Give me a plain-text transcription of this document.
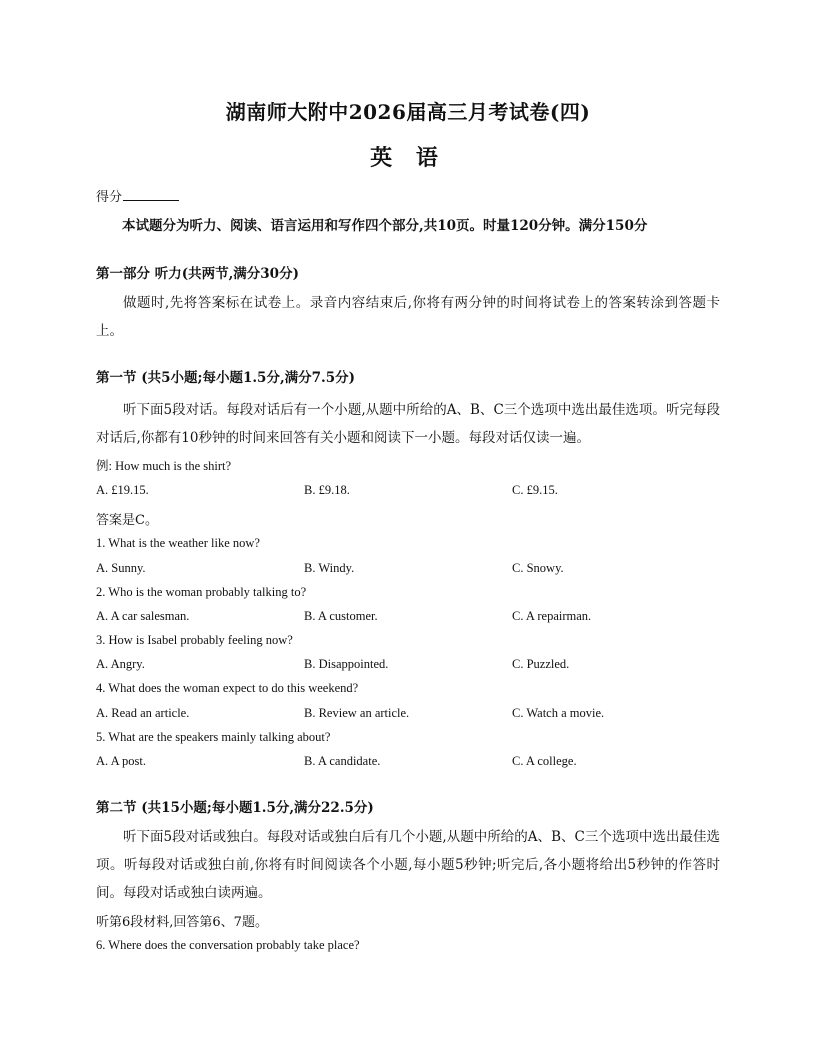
湖南师大附中2026届高三月考试卷(四)
英 语
得分
本试题分为听力、阅读、语言运用和写作四个部分,共10页。时量120分钟。满分150分
第一部分 听力(共两节,满分30分)
做题时,先将答案标在试卷上。录音内容结束后,你将有两分钟的时间将试卷上的答案转涂到答题卡上。
第一节 (共5小题;每小题1.5分,满分7.5分)
听下面5段对话。每段对话后有一个小题,从题中所给的A、B、C三个选项中选出最佳选项。听完每段对话后,你都有10秒钟的时间来回答有关小题和阅读下一小题。每段对话仅读一遍。
例: How much is the shirt?
A. £19.15.	B. £9.18.	C. £9.15.
答案是C。
1. What is the weather like now?
A. Sunny.	B. Windy.	C. Snowy.
2. Who is the woman probably talking to?
A. A car salesman.	B. A customer.	C. A repairman.
3. How is Isabel probably feeling now?
A. Angry.	B. Disappointed.	C. Puzzled.
4. What does the woman expect to do this weekend?
A. Read an article.	B. Review an article.	C. Watch a movie.
5. What are the speakers mainly talking about?
A. A post.	B. A candidate.	C. A college.
第二节 (共15小题;每小题1.5分,满分22.5分)
听下面5段对话或独白。每段对话或独白后有几个小题,从题中所给的A、B、C三个选项中选出最佳选项。听每段对话或独白前,你将有时间阅读各个小题,每小题5秒钟;听完后,各小题将给出5秒钟的作答时间。每段对话或独白读两遍。
听第6段材料,回答第6、7题。
6. Where does the conversation probably take place?
